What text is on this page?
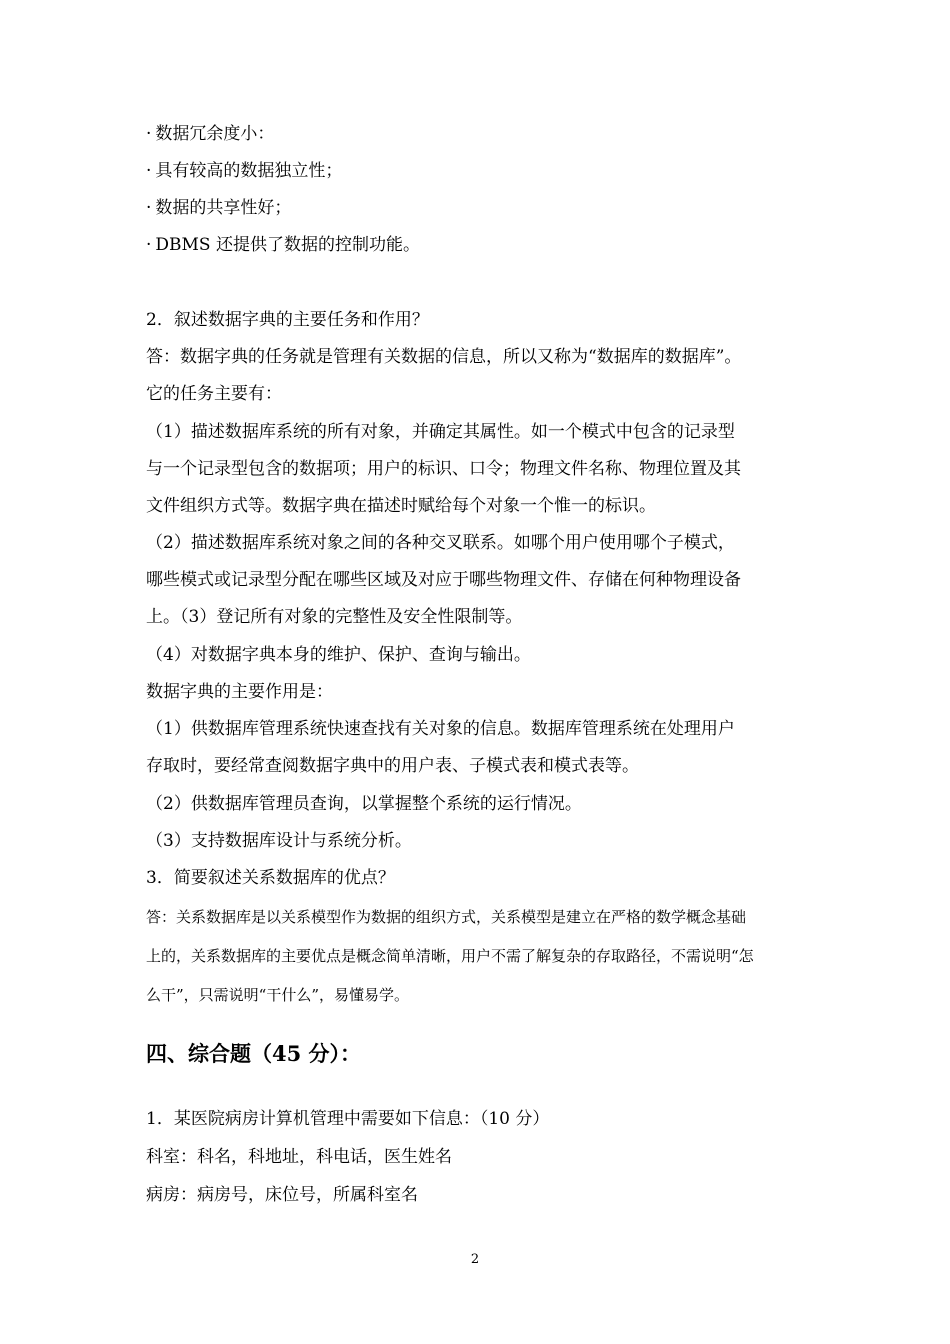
· 数据冗余度小：
· 具有较高的数据独立性；
· 数据的共享性好；
· DBMS 还提供了数据的控制功能。
2．叙述数据字典的主要任务和作用？
答：数据字典的任务就是管理有关数据的信息，所以又称为“数据库的数据库”。
它的任务主要有：
（1）描述数据库系统的所有对象，并确定其属性。如一个模式中包含的记录型
与一个记录型包含的数据项；用户的标识、口令；物理文件名称、物理位置及其
文件组织方式等。数据字典在描述时赋给每个对象一个惟一的标识。
（2）描述数据库系统对象之间的各种交叉联系。如哪个用户使用哪个子模式，
哪些模式或记录型分配在哪些区域及对应于哪些物理文件、存储在何种物理设备
上。（3）登记所有对象的完整性及安全性限制等。
（4）对数据字典本身的维护、保护、查询与输出。
数据字典的主要作用是：
（1）供数据库管理系统快速查找有关对象的信息。数据库管理系统在处理用户
存取时，要经常查阅数据字典中的用户表、子模式表和模式表等。
（2）供数据库管理员查询，以掌握整个系统的运行情况。
（3）支持数据库设计与系统分析。
3．简要叙述关系数据库的优点？
答：关系数据库是以关系模型作为数据的组织方式，关系模型是建立在严格的数学概念基础
上的，关系数据库的主要优点是概念简单清晰，用户不需了解复杂的存取路径，不需说明“怎
么干”，只需说明“干什么”，易懂易学。
四、综合题（45 分）：
1．某医院病房计算机管理中需要如下信息：（10 分）
科室：科名，科地址，科电话，医生姓名
病房：病房号，床位号，所属科室名
2
